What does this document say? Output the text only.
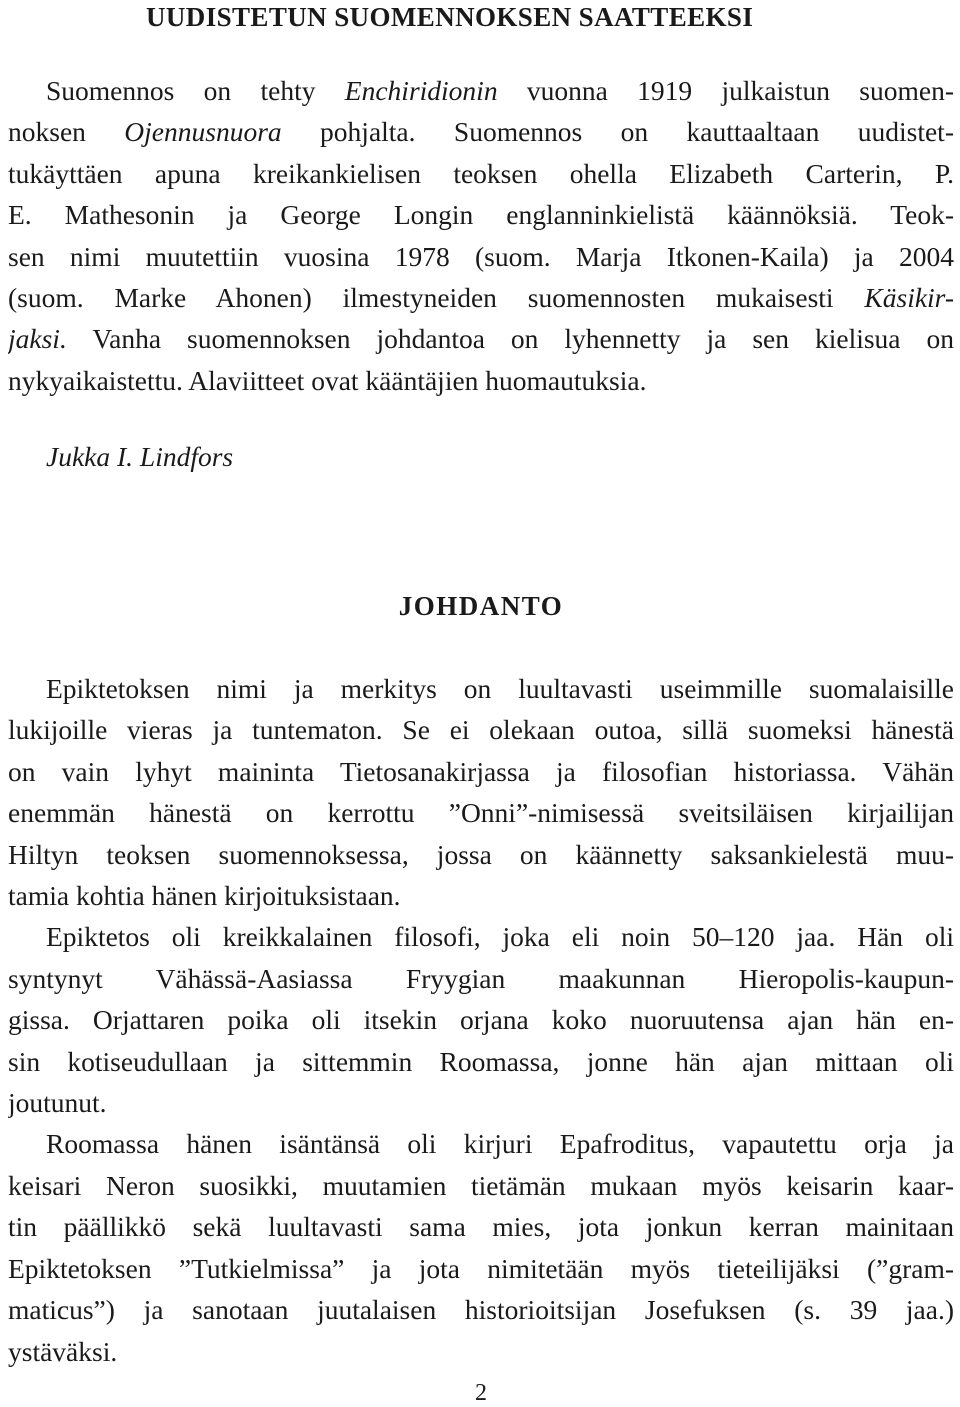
UUDISTETUN SUOMENNOKSEN SAATTEEKSI
Suomennos on tehty Enchiridionin vuonna 1919 julkaistun suomen-
noksen Ojennusnuora pohjalta. Suomennos on kauttaaltaan uudistet-
tukäyttäen apuna kreikankielisen teoksen ohella Elizabeth Carterin, P.
E. Mathesonin ja George Longin englanninkielistä käännöksiä. Teok-
sen nimi muutettiin vuosina 1978 (suom. Marja Itkonen-Kaila) ja 2004
(suom. Marke Ahonen) ilmestyneiden suomennosten mukaisesti Käsikir-
jaksi. Vanha suomennoksen johdantoa on lyhennetty ja sen kielisua on
nykyaikaistettu. Alaviitteet ovat kääntäjien huomautuksia.

Jukka I. Lindfors

JOHDANTO
Epiktetoksen nimi ja merkitys on luultavasti useimmille suomalaisille
lukijoille vieras ja tuntematon. Se ei olekaan outoa, sillä suomeksi hänestä
on vain lyhyt maininta Tietosanakirjassa ja filosofian historiassa. Vähän
enemmän hänestä on kerrottu ”Onni”-nimisessä sveitsiläisen kirjailijan
Hiltyn teoksen suomennoksessa, jossa on käännetty saksankielestä muu-
tamia kohtia hänen kirjoituksistaan.
Epiktetos oli kreikkalainen filosofi, joka eli noin 50–120 jaa. Hän oli
syntynyt Vähässä-Aasiassa Fryygian maakunnan Hieropolis-kaupun-
gissa. Orjattaren poika oli itsekin orjana koko nuoruutensa ajan hän en-
sin kotiseudullaan ja sittemmin Roomassa, jonne hän ajan mittaan oli
joutunut.
Roomassa hänen isäntänsä oli kirjuri Epafroditus, vapautettu orja ja
keisari Neron suosikki, muutamien tietämän mukaan myös keisarin kaar-
tin päällikkö sekä luultavasti sama mies, jota jonkun kerran mainitaan
Epiktetoksen ”Tutkielmissa” ja jota nimitetään myös tieteilijäksi (”gram-
maticus”) ja sanotaan juutalaisen historioitsijan Josefuksen (s. 39 jaa.)
ystäväksi.

2
